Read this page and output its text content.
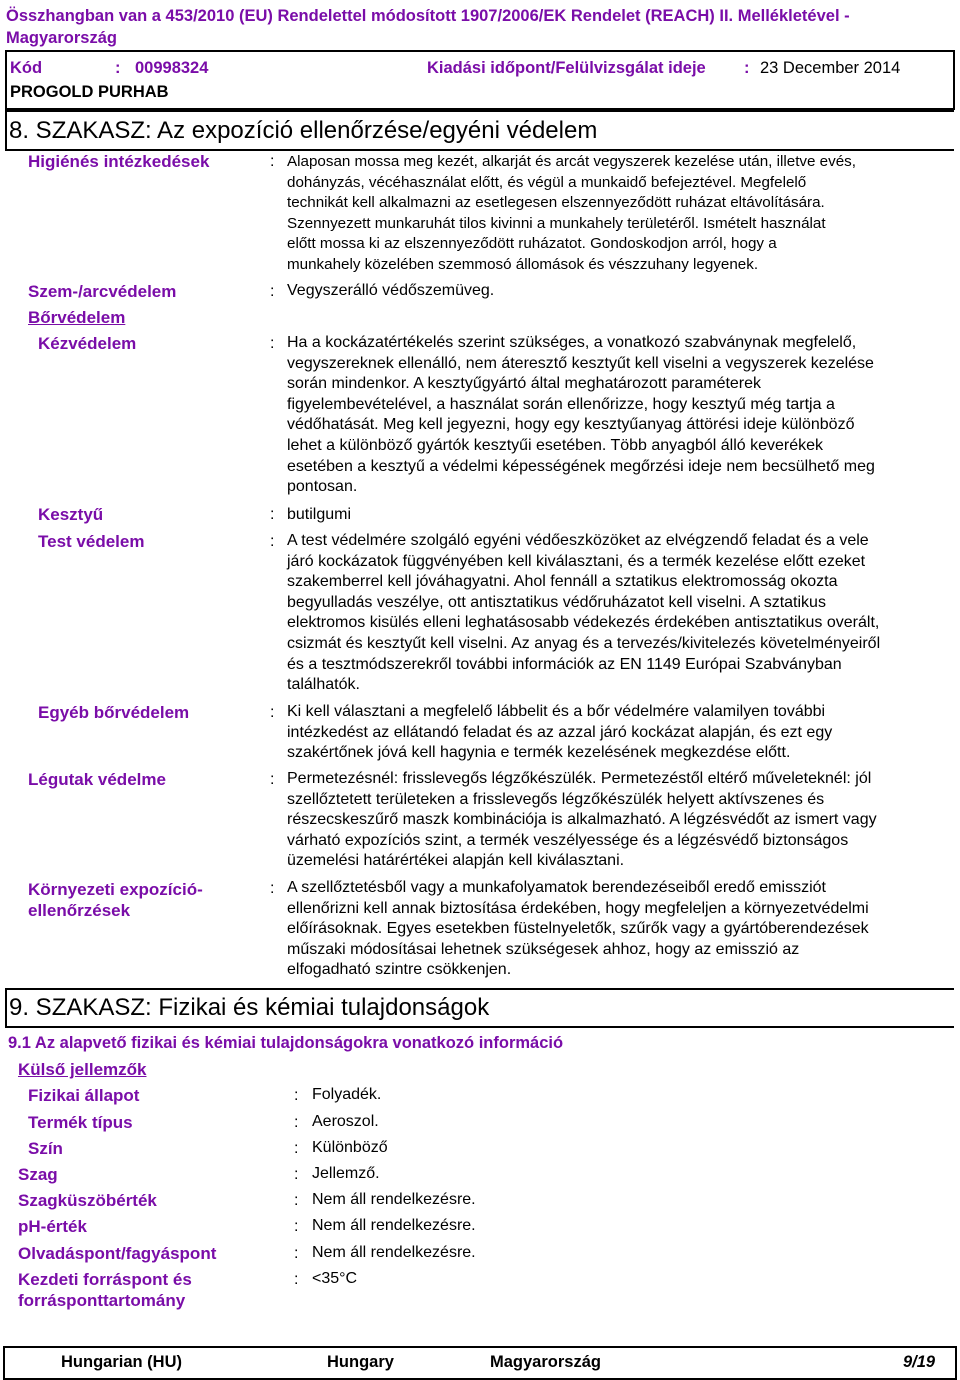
Összhangban van a 453/2010 (EU) Rendelettel módosított 1907/2006/EK Rendelet (REACH) II. Mellékletével - Magyarország
Kód	: 00998324	Kiadási időpont/Felülvizsgálat ideje : 23 December 2014
PROGOLD PURHAB
8. SZAKASZ: Az expozíció ellenőrzése/egyéni védelem
Higiénés intézkedések	: Alaposan mossa meg kezét, alkarját és arcát vegyszerek kezelése után, illetve evés,
dohányzás, vécéhasználat előtt, és végül a munkaidő befejeztével. Megfelelő
technikát kell alkalmazni az esetlegesen elszennyeződött ruházat eltávolítására.
Szennyezett munkaruhát tilos kivinni a munkahely területéről. Ismételt használat
előtt mossa ki az elszennyeződött ruházatot. Gondoskodjon arról, hogy a
munkahely közelében szemmosó állomások és vészzuhany legyenek.
Szem-/arcvédelem	: Vegyszerálló védőszemüveg.
Bőrvédelem
Kézvédelem	: Ha a kockázatértékelés szerint szükséges, a vonatkozó szabványnak megfelelő,
vegyszereknek ellenálló, nem áteresztő kesztyűt kell viselni a vegyszerek kezelése
során mindenkor. A kesztyűgyártó által meghatározott paraméterek
figyelembevételével, a használat során ellenőrizze, hogy kesztyű még tartja a
védőhatását. Meg kell jegyezni, hogy egy kesztyűanyag áttörési ideje különböző
lehet a különböző gyártók kesztyűi esetében. Több anyagból álló keverékek
esetében a kesztyű a védelmi képességének megőrzési ideje nem becsülhető meg
pontosan.
Kesztyű	: butilgumi
Test védelem	: A test védelmére szolgáló egyéni védőeszközöket az elvégzendő feladat és a vele
járó kockázatok függvényében kell kiválasztani, és a termék kezelése előtt ezeket
szakemberrel kell jóváhagyatni. Ahol fennáll a sztatikus elektromosság okozta
begyulladás veszélye, ott antisztatikus védőruházatot kell viselni. A sztatikus
elektromos kisülés elleni leghatásosabb védekezés érdekében antisztatikus overált,
csizmát és kesztyűt kell viselni. Az anyag és a tervezés/kivitelezés követelményeiről
és a tesztmódszerekről további információk az EN 1149 Európai Szabványban
találhatók.
Egyéb bőrvédelem	: Ki kell választani a megfelelő lábbelit és a bőr védelmére valamilyen további
intézkedést az ellátandó feladat és az azzal járó kockázat alapján, és ezt egy
szakértőnek jóvá kell hagynia e termék kezelésének megkezdése előtt.
Légutak védelme	: Permetezésnél: frisslevegős légzőkészülék. Permetezéstől eltérő műveleteknél: jól
szellőztetett területeken a frisslevegős légzőkészülék helyett aktívszenes és
részecskeszűrő maszk kombinációja is alkalmazható. A légzésvédőt az ismert vagy
várható expozíciós szint, a termék veszélyessége és a légzésvédő biztonságos
üzemelési határértékei alapján kell kiválasztani.
Környezeti expozíció-
ellenőrzések
: A szellőztetésből vagy a munkafolyamatok berendezéseiből eredő emissziót
ellenőrizni kell annak biztosítása érdekében, hogy megfeleljen a környezetvédelmi
előírásoknak. Egyes esetekben füstelnyeletők, szűrők vagy a gyártóberendezések
műszaki módosításai lehetnek szükségesek ahhoz, hogy az emisszió az
elfogadható szintre csökkenjen.
9. SZAKASZ: Fizikai és kémiai tulajdonságok
9.1 Az alapvető fizikai és kémiai tulajdonságokra vonatkozó információ
Külső jellemzők
Fizikai állapot	: Folyadék.
Termék típus	: Aeroszol.
Szín	: Különböző
Szag	: Jellemző.
Szagküszöbérték	: Nem áll rendelkezésre.
pH-érték	: Nem áll rendelkezésre.
Olvadáspont/fagyáspont	: Nem áll rendelkezésre.
Kezdeti forráspont és
forrásponttartomány
: <35°C
Hungarian (HU)	Hungary	Magyarország	9/19
